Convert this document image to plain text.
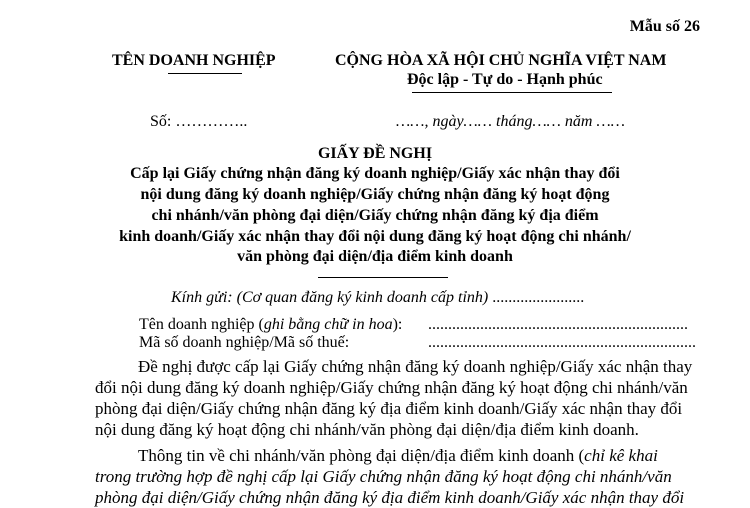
Mẫu số 26
TÊN DOANH NGHIỆP	CỘNG HÒA XÃ HỘI CHỦ NGHĨA VIỆT NAM
Độc lập - Tự do - Hạnh phúc
Số: …………..	……, ngày…… tháng…… năm ……
GIẤY ĐỀ NGHỊ
Cấp lại Giấy chứng nhận đăng ký doanh nghiệp/Giấy xác nhận thay đổi
nội dung đăng ký doanh nghiệp/Giấy chứng nhận đăng ký hoạt động
chi nhánh/văn phòng đại diện/Giấy chứng nhận đăng ký địa điểm
kinh doanh/Giấy xác nhận thay đổi nội dung đăng ký hoạt động chi nhánh/
văn phòng đại diện/địa điểm kinh doanh
Kính gửi: (Cơ quan đăng ký kinh doanh cấp tỉnh) .......................
Tên doanh nghiệp (ghi bằng chữ in hoa): .................................................................
Mã số doanh nghiệp/Mã số thuế:	...................................................................
Đề nghị được cấp lại Giấy chứng nhận đăng ký doanh nghiệp/Giấy xác nhận thay
đổi nội dung đăng ký doanh nghiệp/Giấy chứng nhận đăng ký hoạt động chi nhánh/văn
phòng đại diện/Giấy chứng nhận đăng ký địa điểm kinh doanh/Giấy xác nhận thay đổi
nội dung đăng ký hoạt động chi nhánh/văn phòng đại diện/địa điểm kinh doanh.
Thông tin về chi nhánh/văn phòng đại diện/địa điểm kinh doanh (chỉ kê khai
trong trường hợp đề nghị cấp lại Giấy chứng nhận đăng ký hoạt động chi nhánh/văn
phòng đại diện/Giấy chứng nhận đăng ký địa điểm kinh doanh/Giấy xác nhận thay đổi
